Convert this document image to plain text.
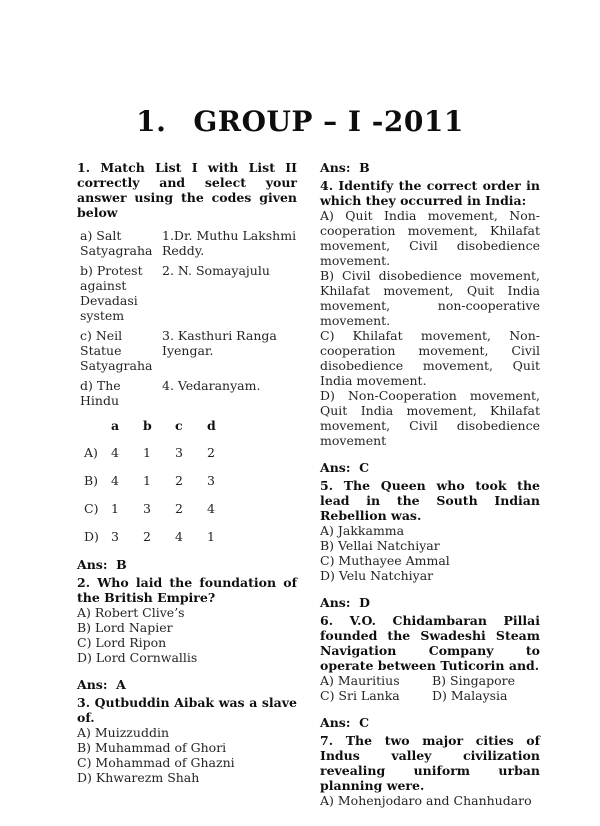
1. GROUP – I -2011

1. Match List I with List II correctly and select your answer using the codes given below

a) Salt Satyagraha
1.Dr. Muthu Lakshmi Reddy.
b) Protest against Devadasi system
2. N. Somayajulu
c) Neil Statue Satyagraha
3. Kasthuri Ranga Iyengar.
d) The Hindu
4. Vedaranyam.
a	b	c	d
A)	4	1	3	2
B)	4	1	2	3
C)	1	3	2	4
D) 3	2	4	1

Ans:  B

2. Who laid the foundation of the British Empire?

A) Robert Clive’s

B) Lord Napier

C) Lord Ripon

D) Lord Cornwallis

Ans:  A

3. Qutbuddin Aibak was a slave of.

A) Muizzuddin

B) Muhammad of Ghori

C) Mohammad of Ghazni

D) Khwarezm Shah

Ans:  B

4. Identify the correct order in which they occurred in India:

A) Quit India movement, Non-cooperation movement, Khilafat movement, Civil disobedience movement.

B) Civil disobedience movement, Khilafat movement, Quit India movement, non-cooperative movement.

C) Khilafat movement, Non-cooperation movement, Civil disobedience movement, Quit India movement.

D) Non-Cooperation movement, Quit India movement, Khilafat movement, Civil disobedience movement

Ans:  C

5. The Queen who took the lead in the South Indian Rebellion was.

A) Jakkamma

B) Vellai Natchiyar

C) Muthayee Ammal

D) Velu Natchiyar

Ans:  D

6. V.O. Chidambaran Pillai founded the Swadeshi Steam Navigation Company to operate between Tuticorin and.

A) Mauritius	B) Singapore
C) Sri Lanka	D) Malaysia

Ans:  C

7. The two major cities of Indus valley civilization revealing uniform urban planning were.

A) Mohenjodaro and Chanhudaro
